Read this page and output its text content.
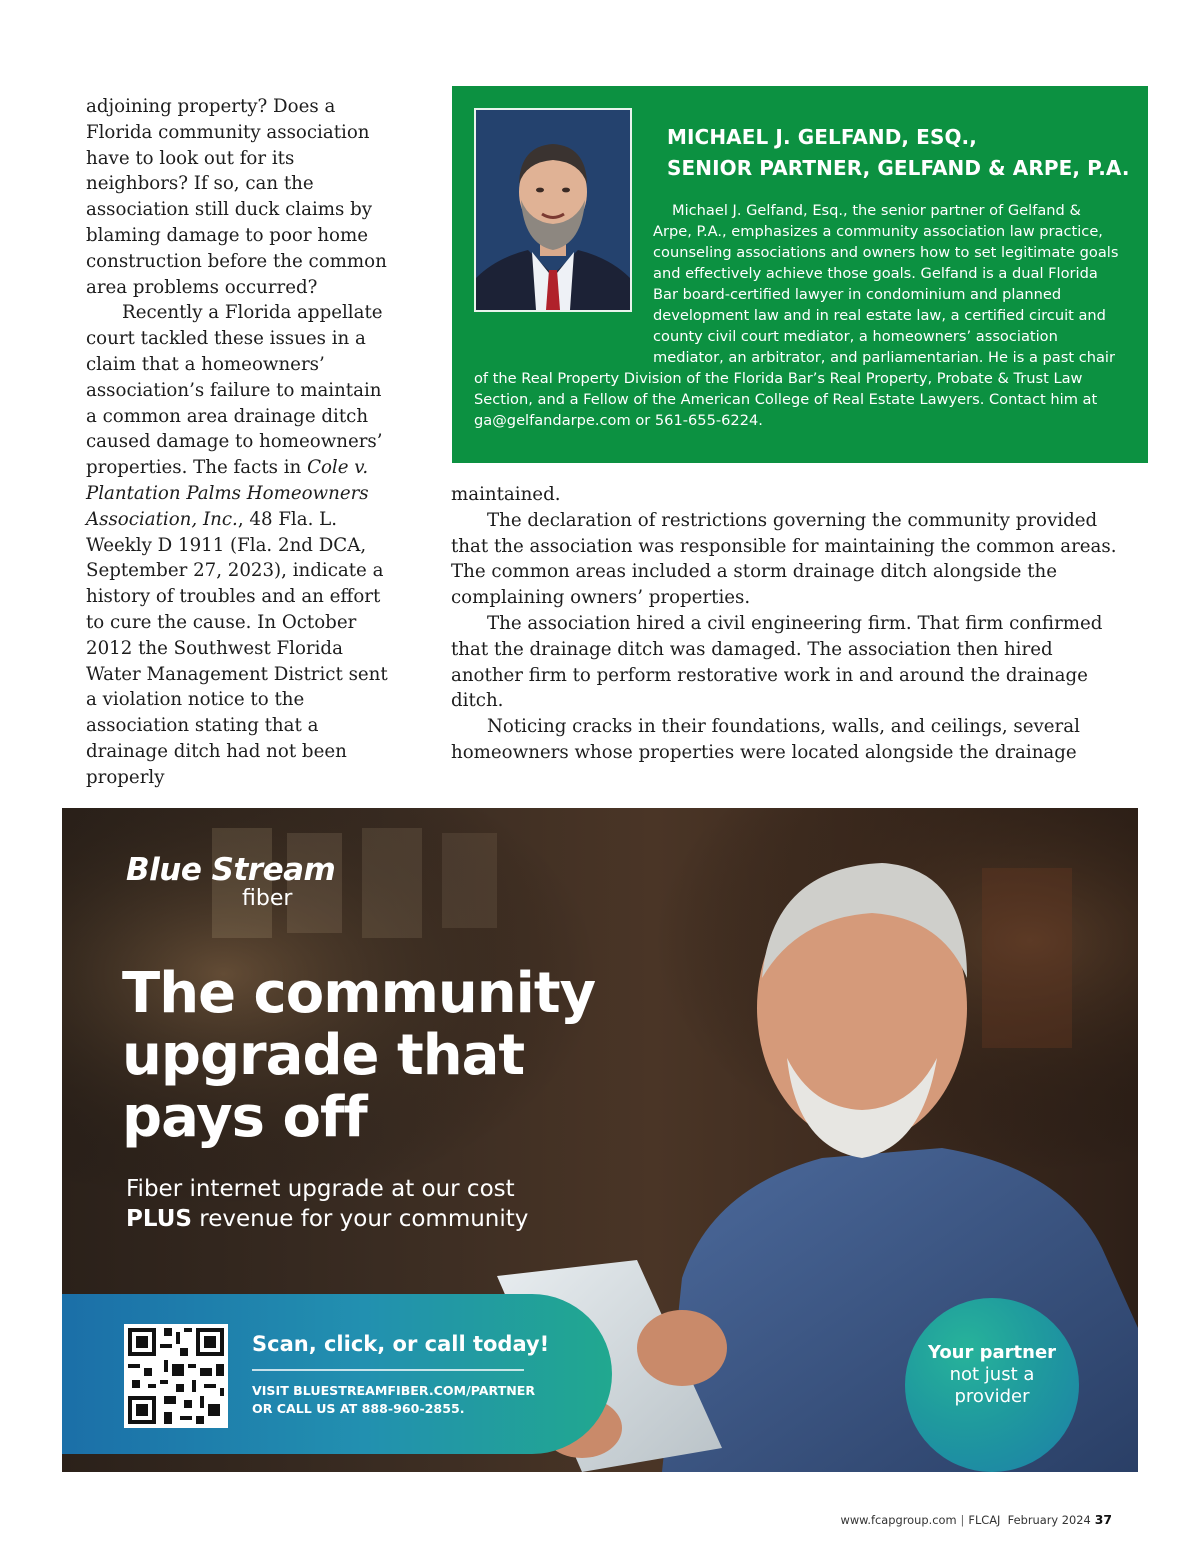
adjoining property? Does a Florida community association have to look out for its neighbors? If so, can the association still duck claims by blaming damage to poor home construction before the common area problems occurred?

Recently a Florida appellate court tackled these issues in a claim that a homeowners’ association’s failure to maintain a common area drainage ditch caused damage to homeowners’ properties. The facts in Cole v. Plantation Palms Homeowners Association, Inc., 48 Fla. L. Weekly D 1911 (Fla. 2nd DCA, September 27, 2023), indicate a history of troubles and an effort to cure the cause. In October 2012 the Southwest Florida Water Management District sent a violation notice to the association stating that a drainage ditch had not been properly

MICHAEL J. GELFAND, ESQ.,
SENIOR PARTNER, GELFAND & ARPE, P.A.
Michael J. Gelfand, Esq., the senior partner of Gelfand &
Arpe, P.A., emphasizes a community association law practice,
counseling associations and owners how to set legitimate goals
and effectively achieve those goals. Gelfand is a dual Florida
Bar board-certified lawyer in condominium and planned
development law and in real estate law, a certified circuit and
county civil court mediator, a homeowners’ association
mediator, an arbitrator, and parliamentarian. He is a past chair
of the Real Property Division of the Florida Bar’s Real Property, Probate & Trust Law
Section, and a Fellow of the American College of Real Estate Lawyers. Contact him at
ga@gelfandarpe.com or 561-655-6224.

maintained.

The declaration of restrictions governing the community provided that the association was responsible for maintaining the common areas. The common areas included a storm drainage ditch alongside the complaining owners’ properties.

The association hired a civil engineering firm. That firm confirmed that the drainage ditch was damaged. The association then hired another firm to perform restorative work in and around the drainage ditch.

Noticing cracks in their foundations, walls, and ceilings, several homeowners whose properties were located alongside the drainage

Blue Stream
fiber
The community
upgrade that
pays off
Fiber internet upgrade at our cost
PLUS revenue for your community
Scan, click, or call today!
VISIT BLUESTREAMFIBER.COM/PARTNER
OR CALL US AT 888-960-2855.
Your partner
not just a
provider
www.fcapgroup.com | FLCAJ February 2024 37
